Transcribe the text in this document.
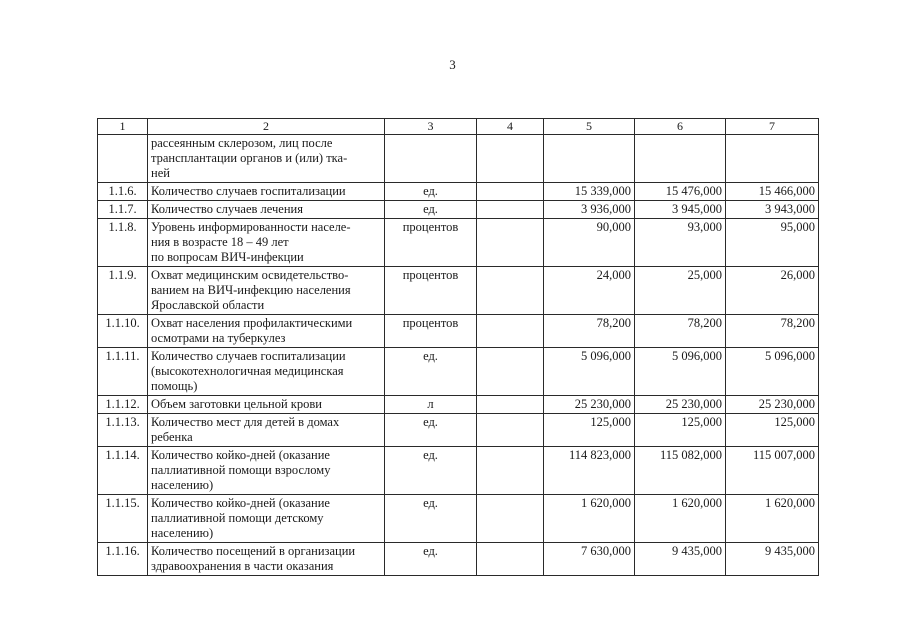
3
1	2	3	4	5	6	7

	рассеянным склерозом, лиц после
трансплантации органов и (или) тка-
ней					

1.1.6.	Количество случаев госпитализации	ед.		15 339,000	15 476,000	15 466,000
1.1.7.	Количество случаев лечения	ед.		3 936,000	3 945,000	3 943,000
1.1.8.	Уровень информированности населе-
ния в возрасте 18 – 49 лет
по вопросам ВИЧ-инфекции	процентов		90,000	93,000	95,000
1.1.9.	Охват медицинским освидетельство-
ванием на ВИЧ-инфекцию населения
Ярославской области	процентов		24,000	25,000	26,000
1.1.10.	Охват населения профилактическими
осмотрами на туберкулез	процентов		78,200	78,200	78,200
1.1.11.	Количество случаев госпитализации
(высокотехнологичная медицинская
помощь)	ед.		5 096,000	5 096,000	5 096,000
1.1.12.	Объем заготовки цельной крови	л		25 230,000	25 230,000	25 230,000
1.1.13.	Количество мест для детей в домах
ребенка	ед.		125,000	125,000	125,000
1.1.14.	Количество койко-дней (оказание
паллиативной помощи взрослому
населению)	ед.		114 823,000	115 082,000	115 007,000
1.1.15.	Количество койко-дней (оказание
паллиативной помощи детскому
населению)	ед.		1 620,000	1 620,000	1 620,000
1.1.16.	Количество посещений в организации
здравоохранения в части оказания	ед.		7 630,000	9 435,000	9 435,000
